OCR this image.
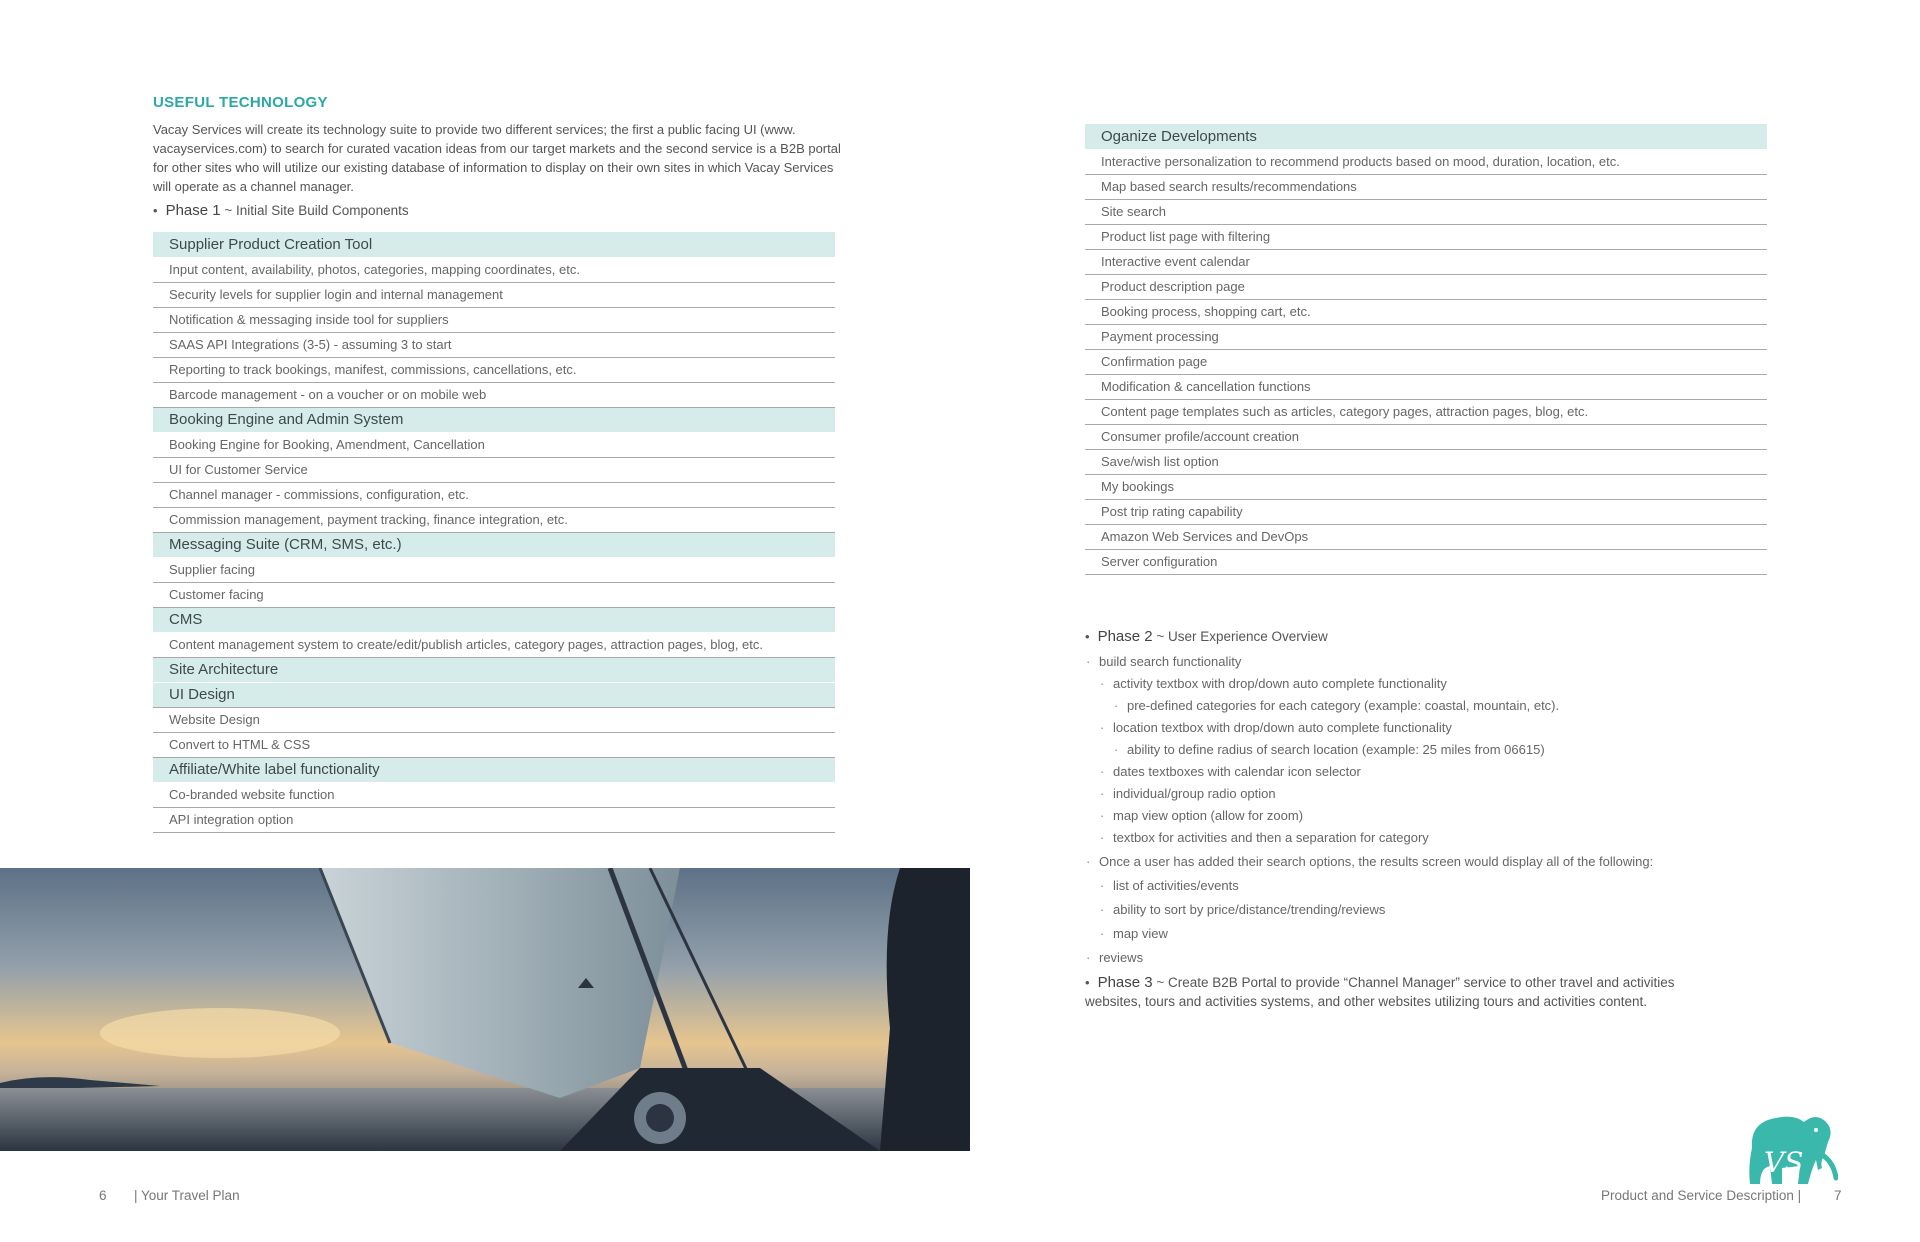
USEFUL TECHNOLOGY

Vacay Services will create its technology suite to provide two different services; the first a public facing UI (www. vacayservices.com) to search for curated vacation ideas from our target markets and the second service is a B2B portal for other sites who will utilize our existing database of information to display on their own sites in which Vacay Services will operate as a channel manager.

• Phase 1 ~ Initial Site Build Components
Supplier Product Creation Tool
Input content, availability, photos, categories, mapping coordinates, etc.
Security levels for supplier login and internal management
Notification & messaging inside tool for suppliers
SAAS API Integrations (3-5) - assuming 3 to start
Reporting to track bookings, manifest, commissions, cancellations, etc.
Barcode management - on a voucher or on mobile web
Booking Engine and Admin System
Booking Engine for Booking, Amendment, Cancellation
UI for Customer Service
Channel manager - commissions, configuration, etc.
Commission management, payment tracking, finance integration, etc.
Messaging Suite (CRM, SMS, etc.)
Supplier facing
Customer facing
CMS
Content management system to create/edit/publish articles, category pages, attraction pages, blog, etc.
Site Architecture
UI Design
Website Design
Convert to HTML & CSS
Affiliate/White label functionality
Co-branded website function
API integration option
Oganize Developments
Interactive personalization to recommend products based on mood, duration, location, etc.
Map based search results/recommendations
Site search
Product list page with filtering
Interactive event calendar
Product description page
Booking process, shopping cart, etc.
Payment processing
Confirmation page
Modification & cancellation functions
Content page templates such as articles, category pages, attraction pages, blog, etc.
Consumer profile/account creation
Save/wish list option
My bookings
Post trip rating capability
Amazon Web Services and DevOps
Server configuration
• Phase 2 ~ User Experience Overview
· build search functionality
· activity textbox with drop/down auto complete functionality
· pre-defined categories for each category (example: coastal, mountain, etc).
· location textbox with drop/down auto complete functionality
· ability to define radius of search location (example: 25 miles from 06615)
· dates textboxes with calendar icon selector
· individual/group radio option
· map view option (allow for zoom)
· textbox for activities and then a separation for category
· Once a user has added their search options, the results screen would display all of the following:
· list of activities/events
· ability to sort by price/distance/trending/reviews
· map view
· reviews
• Phase 3 ~ Create B2B Portal to provide “Channel Manager” service to other travel and activities websites, tours and activities systems, and other websites utilizing tours and activities content.
VS
6 | Your Travel Plan	Product and Service Description | 7
